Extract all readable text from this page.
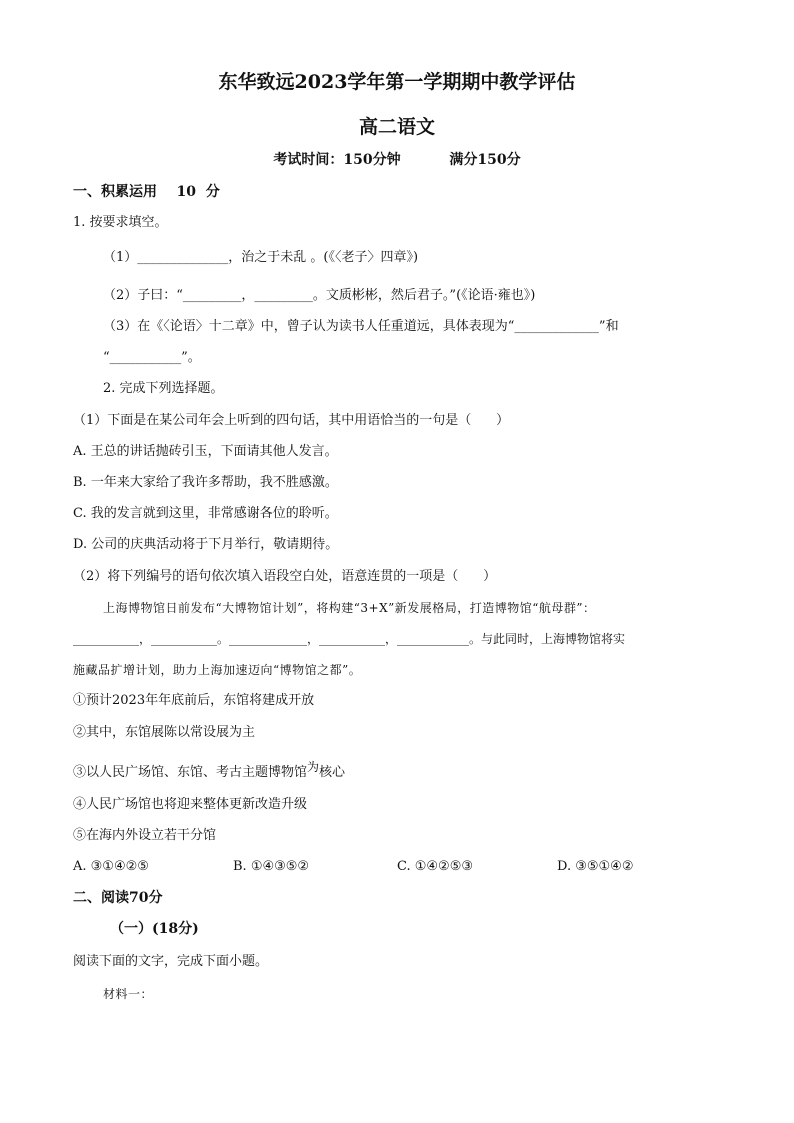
东华致远2023学年第一学期期中教学评估
高二语文
考试时间：150分钟          满分150分
一、积累运用    10  分
1. 按要求填空。
（1）______________，治之于未乱 。(《〈老子〉四章》)
（2）子曰：“_________，_________。文质彬彬，然后君子。”(《论语·雍也》)
（3）在《〈论语〉十二章》中，曾子认为读书人任重道远，具体表现为“_____________”和
“___________”。
2. 完成下列选择题。
（1）下面是在某公司年会上听到的四句话，其中用语恰当的一句是（      ）
A. 王总的讲话抛砖引玉，下面请其他人发言。
B. 一年来大家给了我许多帮助，我不胜感激。
C. 我的发言就到这里，非常感谢各位的聆听。
D. 公司的庆典活动将于下月举行，敬请期待。
（2）将下列编号的语句依次填入语段空白处，语意连贯的一项是（      ）
上海博物馆日前发布“大博物馆计划”，将构建“3+X”新发展格局，打造博物馆“航母群”：
___________，___________。_____________，___________，____________。与此同时，上海博物馆将实
施藏品扩增计划，助力上海加速迈向“博物馆之都”。
①预计2023年年底前后，东馆将建成开放
②其中，东馆展陈以常设展为主
③以人民广场馆、东馆、考古主题博物馆为核心
④人民广场馆也将迎来整体更新改造升级
⑤在海内外设立若干分馆
A. ③①④②⑤	B. ①④③⑤②	C. ①④②⑤③	D. ③⑤①④②
二、阅读70分
（一）(18分)
阅读下面的文字，完成下面小题。
材料一：
